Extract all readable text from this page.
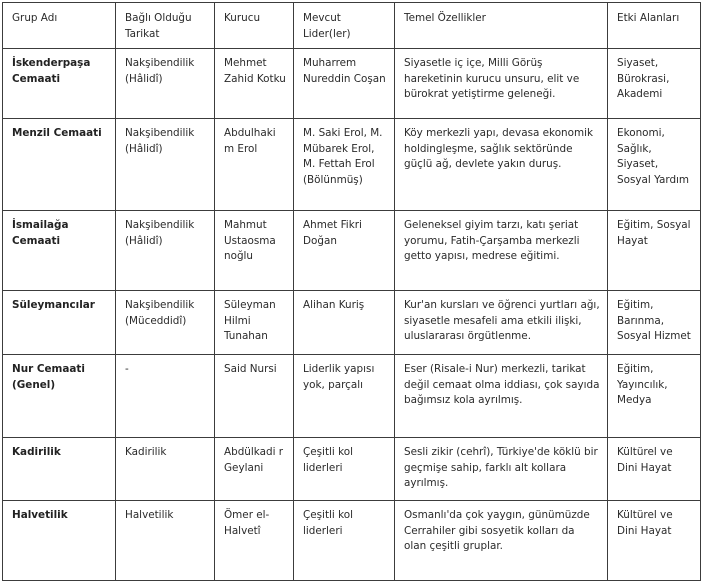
Grup Adı	Bağlı Olduğu Tarikat	Kurucu	Mevcut Lider(ler)	Temel Özellikler	Etki Alanları
İskenderpaşa Cemaati	Nakşibendilik (Hâlidî)	Mehmet Zahid Kotku	Muharrem Nureddin Coşan	Siyasetle iç içe, Milli Görüş hareketinin kurucu unsuru, elit ve bürokrat yetiştirme geleneği.	Siyaset, Bürokrasi, Akademi
Menzil Cemaati	Nakşibendilik (Hâlidî)	Abdulhaki m Erol	M. Saki Erol, M. Mübarek Erol, M. Fettah Erol (Bölünmüş)	Köy merkezli yapı, devasa ekonomik holdingleşme, sağlık sektöründe güçlü ağ, devlete yakın duruş.	Ekonomi, Sağlık, Siyaset, Sosyal Yardım
İsmailağa Cemaati	Nakşibendilik (Hâlidî)	Mahmut Ustaosma noğlu	Ahmet Fikri Doğan	Geleneksel giyim tarzı, katı şeriat yorumu, Fatih-Çarşamba merkezli getto yapısı, medrese eğitimi.	Eğitim, Sosyal Hayat
Süleymancılar	Nakşibendilik (Müceddidî)	Süleyman Hilmi Tunahan	Alihan Kuriş	Kur'an kursları ve öğrenci yurtları ağı, siyasetle mesafeli ama etkili ilişki, uluslararası örgütlenme.	Eğitim, Barınma, Sosyal Hizmet
Nur Cemaati (Genel)	-	Said Nursi	Liderlik yapısı yok, parçalı	Eser (Risale-i Nur) merkezli, tarikat değil cemaat olma iddiası, çok sayıda bağımsız kola ayrılmış.	Eğitim, Yayıncılık, Medya
Kadirilik	Kadirilik	Abdülkadi r Geylani	Çeşitli kol liderleri	Sesli zikir (cehrî), Türkiye'de köklü bir geçmişe sahip, farklı alt kollara ayrılmış.	Kültürel ve Dini Hayat
Halvetilik	Halvetilik	Ömer el-Halvetî	Çeşitli kol liderleri	Osmanlı'da çok yaygın, günümüzde Cerrahiler gibi sosyetik kolları da olan çeşitli gruplar.	Kültürel ve Dini Hayat
